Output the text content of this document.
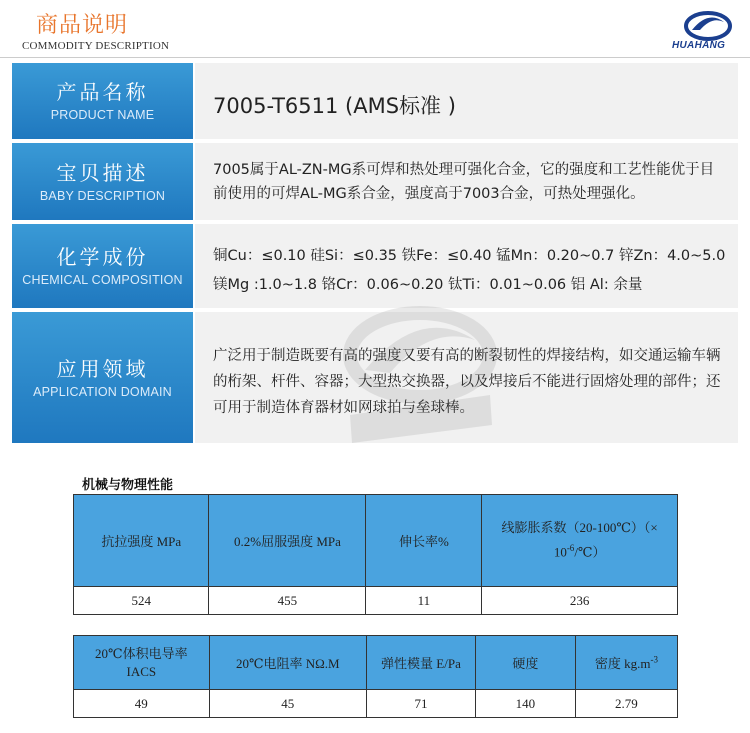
商品说明
COMMODITY DESCRIPTION	HUAHANG
产品名称
PRODUCT NAME	7005-T6511 (AMS标准 )
宝贝描述
BABY DESCRIPTION
7005属于AL-ZN-MG系可焊和热处理可强化合金，它的强度和工艺性能优于目前使用的可焊AL-MG系合金，强度高于7003合金，可热处理强化。
化学成份
CHEMICAL COMPOSITION
铜Cu：≤0.10 硅Si：≤0.35 铁Fe：≤0.40 锰Mn：0.20~0.7 锌Zn：4.0~5.0
镁Mg :1.0~1.8 铬Cr：0.06~0.20 钛Ti：0.01~0.06 铝 Al: 余量
应用领域
APPLICATION DOMAIN
广泛用于制造既要有高的强度又要有高的断裂韧性的焊接结构，如交通运输车辆的桁架、杆件、容器；大型热交换器，以及焊接后不能进行固熔处理的部件；还可用于制造体育器材如网球拍与垒球棒。
机械与物理性能
抗拉强度 MPa	0.2%屈服强度 MPa	伸长率%	线膨胀系数（20-100℃）（×
$10^{-6}/℃$）
524	455	11	236
20℃体积电导率
IACS	20℃电阻率 NΩ.M	弹性模量 E/Pa	硬度	密度 $kg.m^{-3}$
49	45	71	140	2.79
